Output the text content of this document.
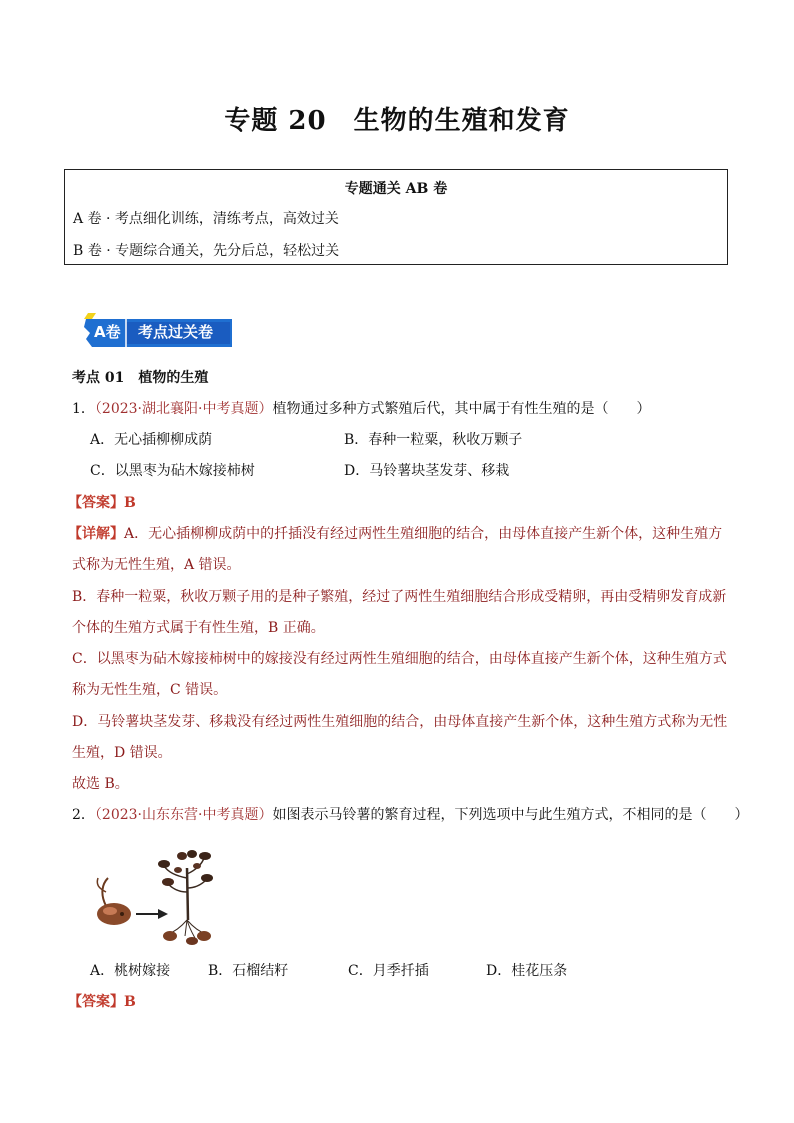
专题 20　生物的生殖和发育
专题通关 AB 卷
A 卷 · 考点细化训练，清练考点，高效过关
B 卷 · 专题综合通关，先分后总，轻松过关
A卷 考点过关卷
考点 01　植物的生殖
1．（2023·湖北襄阳·中考真题）植物通过多种方式繁殖后代，其中属于有性生殖的是（　　）
A．无心插柳柳成荫	B．春种一粒粟，秋收万颗子
C．以黑枣为砧木嫁接柿树	D．马铃薯块茎发芽、移栽
【答案】B
【详解】A．无心插柳柳成荫中的扦插没有经过两性生殖细胞的结合，由母体直接产生新个体，这种生殖方
式称为无性生殖，A 错误。
B．春种一粒粟，秋收万颗子用的是种子繁殖，经过了两性生殖细胞结合形成受精卵，再由受精卵发育成新
个体的生殖方式属于有性生殖，B 正确。
C．以黑枣为砧木嫁接柿树中的嫁接没有经过两性生殖细胞的结合，由母体直接产生新个体，这种生殖方式
称为无性生殖，C 错误。
D．马铃薯块茎发芽、移栽没有经过两性生殖细胞的结合，由母体直接产生新个体，这种生殖方式称为无性
生殖，D 错误。
故选 B。
2．（2023·山东东营·中考真题）如图表示马铃薯的繁育过程，下列选项中与此生殖方式，不相同的是（　　）
A．桃树嫁接	B．石榴结籽	C．月季扦插	D．桂花压条
【答案】B
